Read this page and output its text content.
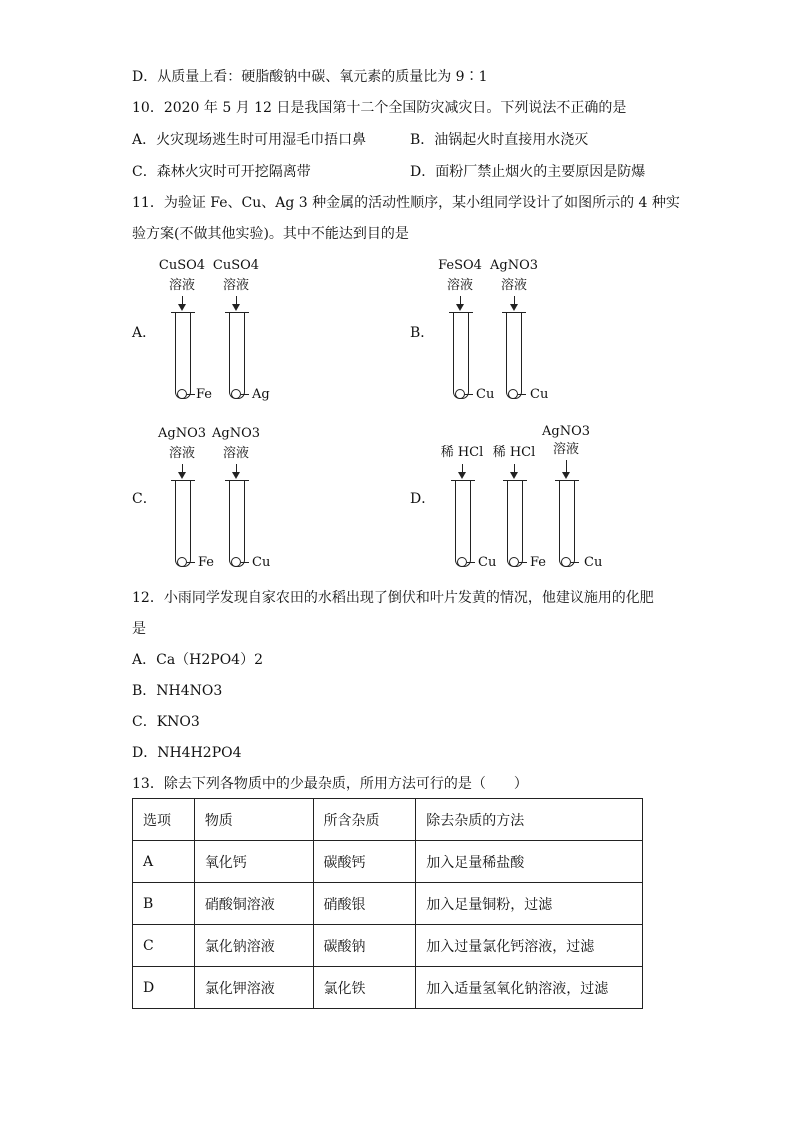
D．从质量上看：硬脂酸钠中碳、氧元素的质量比为 9∶1
10．2020 年 5 月 12 日是我国第十二个全国防灾减灾日。下列说法不正确的是
A．火灾现场逃生时可用湿毛巾捂口鼻	B．油锅起火时直接用水浇灭
C．森林火灾时可开挖隔离带	D．面粉厂禁止烟火的主要原因是防爆
11．为验证 Fe、Cu、Ag 3 种金属的活动性顺序，某小组同学设计了如图所示的 4 种实
验方案(不做其他实验)。其中不能达到目的是
A．
CuSO4
溶液
Fe
CuSO4
溶液
Ag
B．
FeSO4
溶液
Cu
AgNO3
溶液
Cu
C．
AgNO3
溶液
Fe
AgNO3
溶液
Cu
D．
稀 HCl
Cu
稀 HCl
Fe
AgNO3
溶液
Cu
12．小雨同学发现自家农田的水稻出现了倒伏和叶片发黄的情况，他建议施用的化肥
是
A．Ca（H2PO4）2
B．NH4NO3
C．KNO3
D．NH4H2PO4
13．除去下列各物质中的少最杂质，所用方法可行的是（　　）
选项	物质	所含杂质	除去杂质的方法
A	氧化钙	碳酸钙	加入足量稀盐酸
B	硝酸铜溶液	硝酸银	加入足量铜粉，过滤
C	氯化钠溶液	碳酸钠	加入过量氯化钙溶液，过滤
D	氯化钾溶液	氯化铁	加入适量氢氧化钠溶液，过滤
